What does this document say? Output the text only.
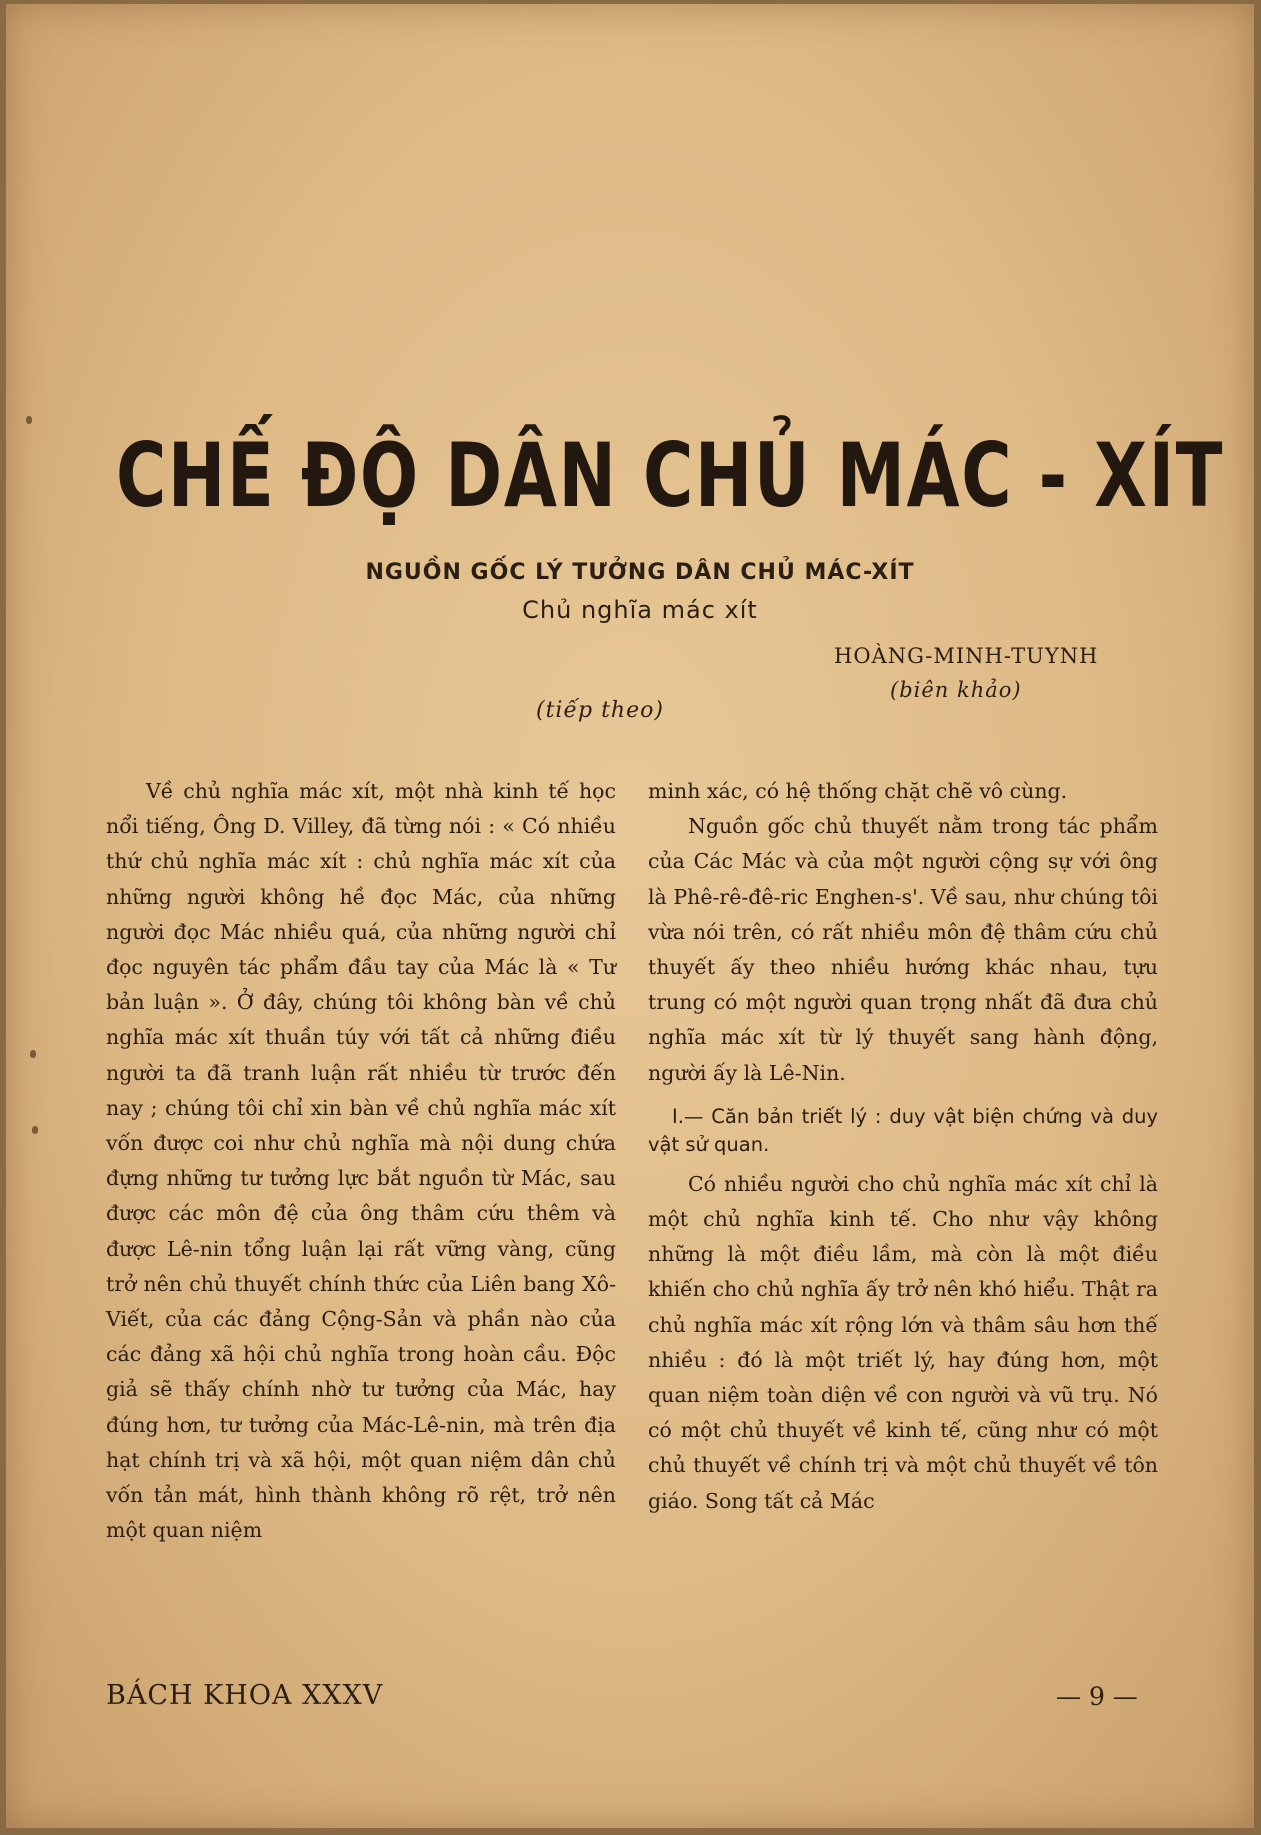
CHẾ ĐỘ DÂN CHỦ MÁC - XÍT
NGUỒN GỐC LÝ TƯỞNG DÂN CHỦ MÁC-XÍT
Chủ nghĩa mác xít
HOÀNG-MINH-TUYNH
(biên khảo)
(tiếp theo)

Về chủ nghĩa mác xít, một nhà kinh tế học nổi tiếng, Ông D. Villey, đã từng nói : « Có nhiều thứ chủ nghĩa mác xít : chủ nghĩa mác xít của những người không hề đọc Mác, của những người đọc Mác nhiều quá, của những người chỉ đọc nguyên tác phẩm đầu tay của Mác là « Tư bản luận ». Ở đây, chúng tôi không bàn về chủ nghĩa mác xít thuần túy với tất cả những điều người ta đã tranh luận rất nhiều từ trước đến nay ; chúng tôi chỉ xin bàn về chủ nghĩa mác xít vốn được coi như chủ nghĩa mà nội dung chứa đựng những tư tưởng lực bắt nguồn từ Mác, sau được các môn đệ của ông thâm cứu thêm và được Lê-nin tổng luận lại rất vững vàng, cũng trở nên chủ thuyết chính thức của Liên bang Xô-Viết, của các đảng Cộng-Sản và phần nào của các đảng xã hội chủ nghĩa trong hoàn cầu. Độc giả sẽ thấy chính nhờ tư tưởng của Mác, hay đúng hơn, tư tưởng của Mác-Lê-nin, mà trên địa hạt chính trị và xã hội, một quan niệm dân chủ vốn tản mát, hình thành không rõ rệt, trở nên một quan niệm

minh xác, có hệ thống chặt chẽ vô cùng.

Nguồn gốc chủ thuyết nằm trong tác phẩm của Các Mác và của một người cộng sự với ông là Phê-rê-đê-ric Enghen-s'. Về sau, như chúng tôi vừa nói trên, có rất nhiều môn đệ thâm cứu chủ thuyết ấy theo nhiều hướng khác nhau, tựu trung có một người quan trọng nhất đã đưa chủ nghĩa mác xít từ lý thuyết sang hành động, người ấy là Lê-Nin.

I.— Căn bản triết lý : duy vật biện chứng và duy vật sử quan.

Có nhiều người cho chủ nghĩa mác xít chỉ là một chủ nghĩa kinh tế. Cho như vậy không những là một điều lầm, mà còn là một điều khiến cho chủ nghĩa ấy trở nên khó hiểu. Thật ra chủ nghĩa mác xít rộng lớn và thâm sâu hơn thế nhiều : đó là một triết lý, hay đúng hơn, một quan niệm toàn diện về con người và vũ trụ. Nó có một chủ thuyết về kinh tế, cũng như có một chủ thuyết về chính trị và một chủ thuyết về tôn giáo. Song tất cả Mác

BÁCH KHOA XXXV	— 9 —
